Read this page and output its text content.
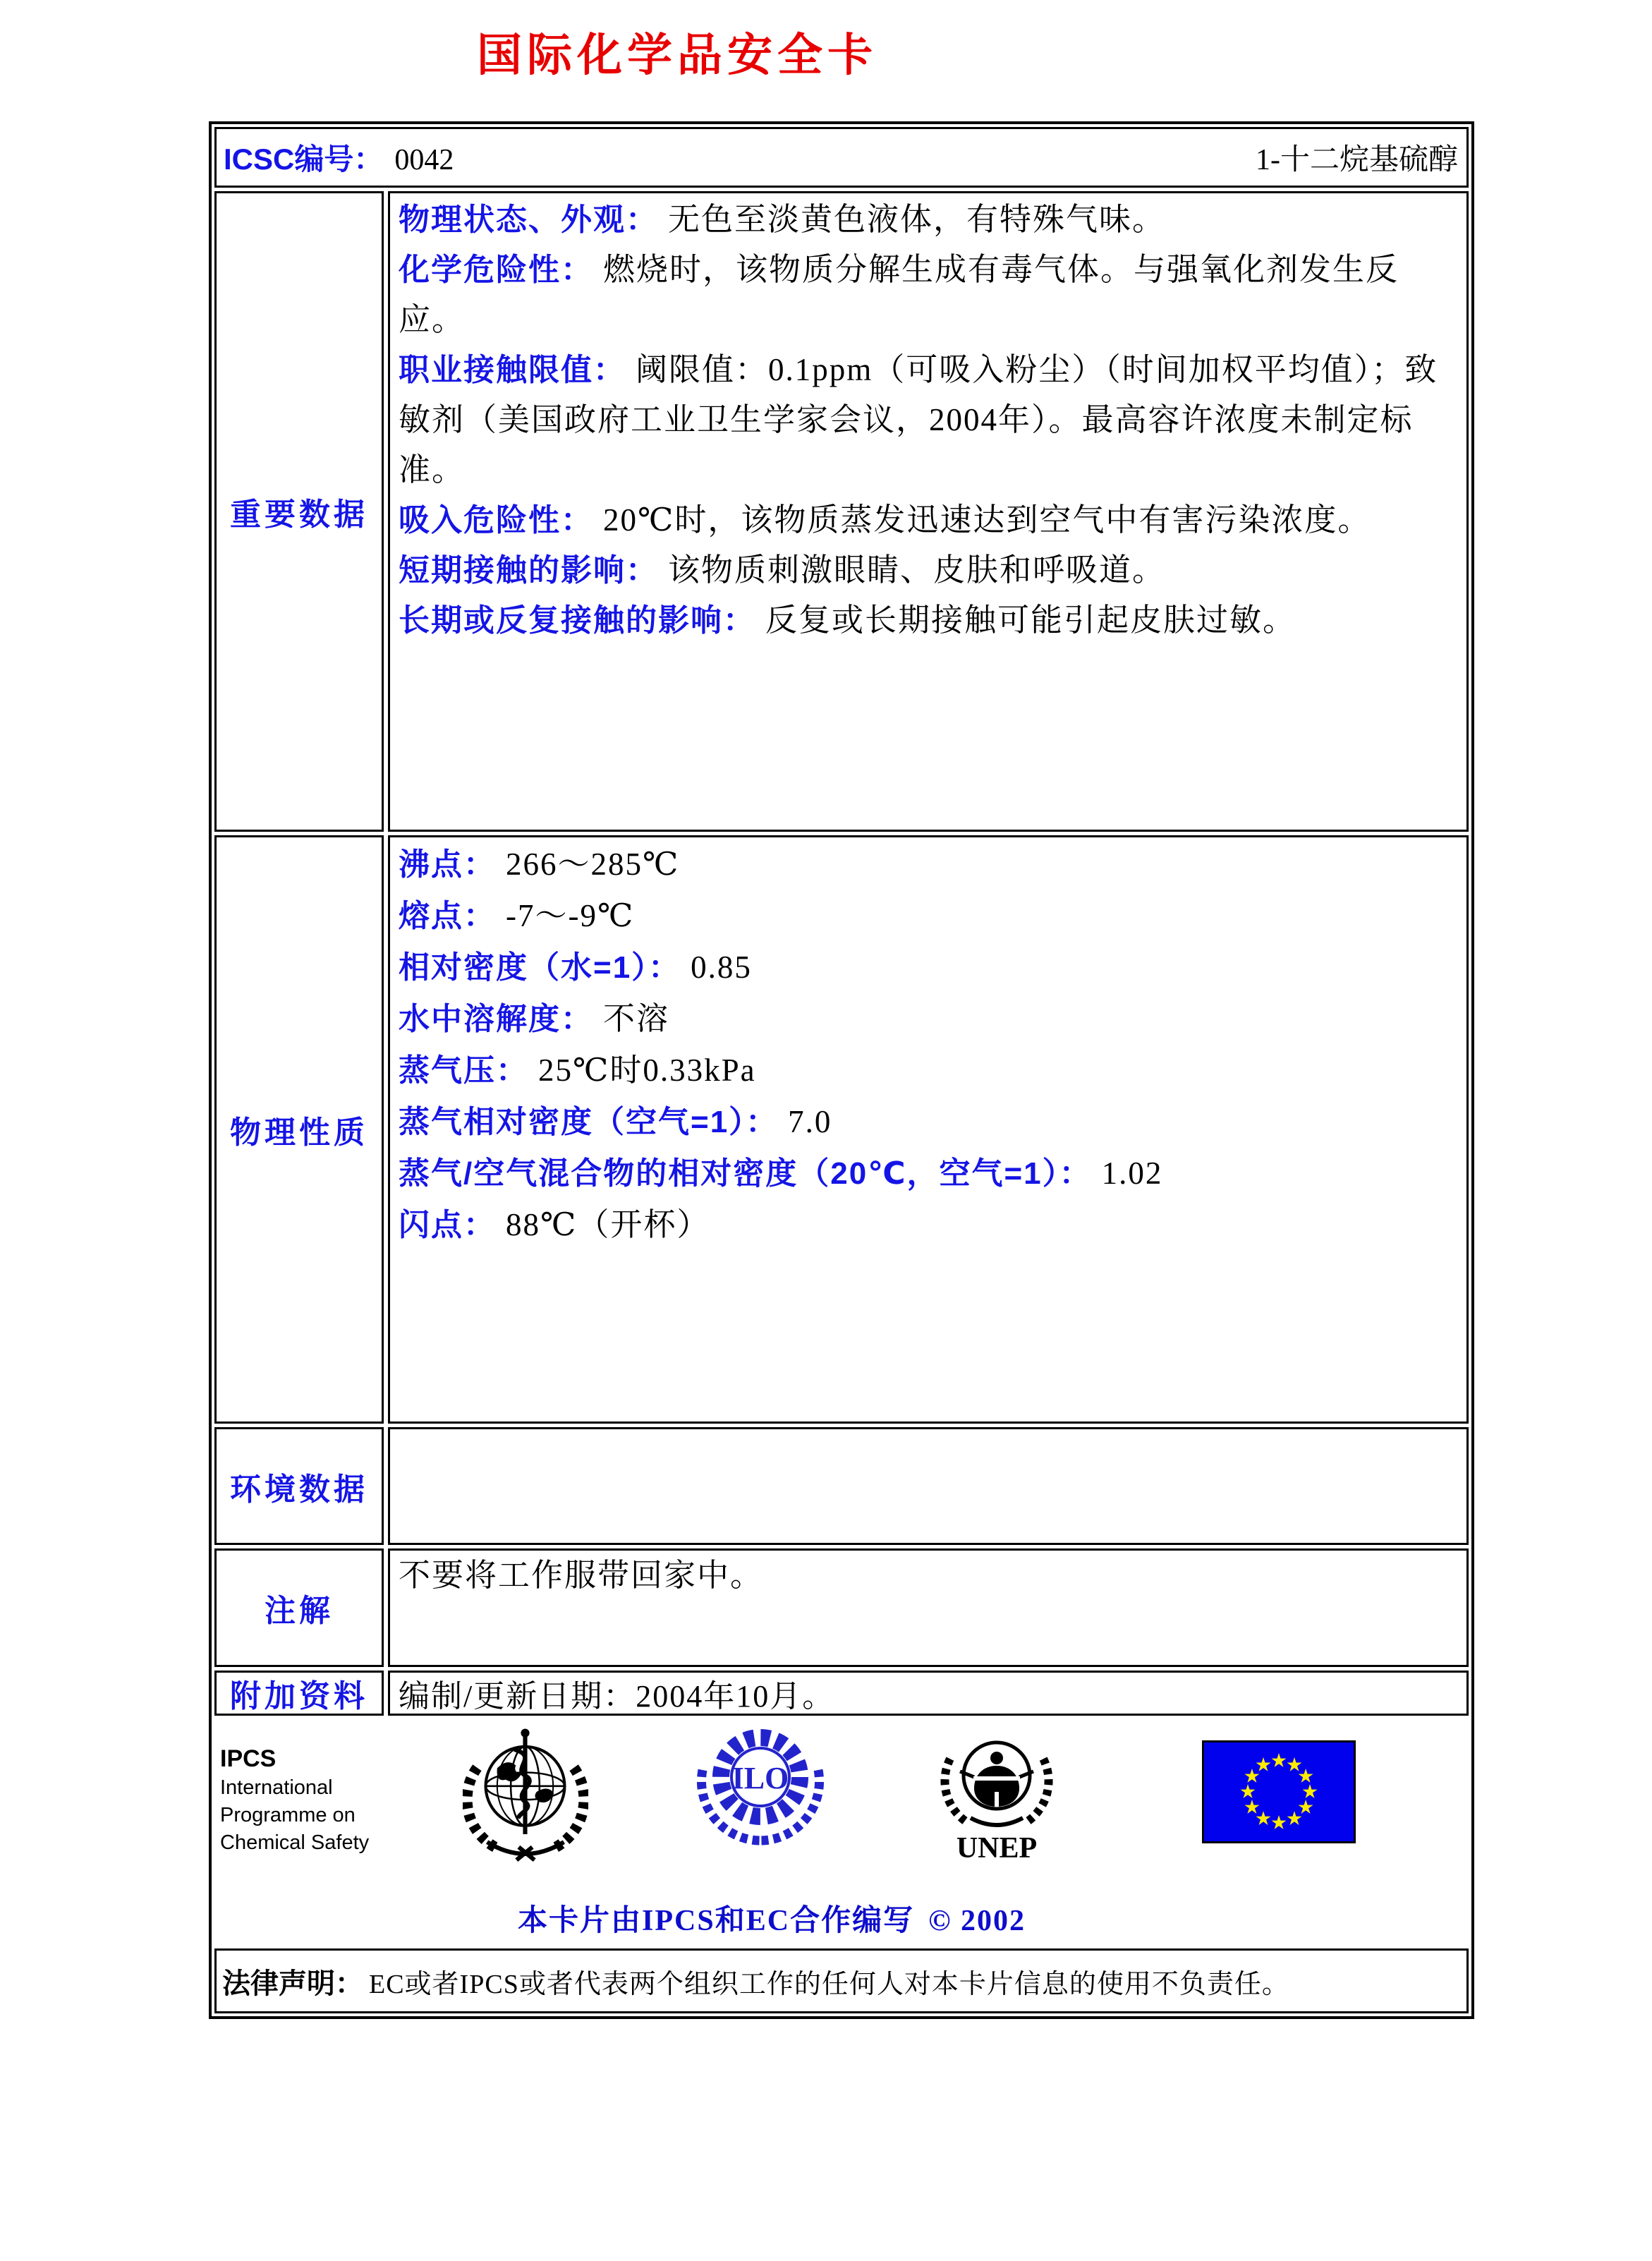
国际化学品安全卡
ICSC编号： 0042	1-十二烷基硫醇
重要数据

物理状态、外观： 无色至淡黄色液体，有特殊气味。

化学危险性： 燃烧时，该物质分解生成有毒气体。与强氧化剂发生反应。

职业接触限值： 阈限值：0.1ppm（可吸入粉尘）（时间加权平均值）；致敏剂（美国政府工业卫生学家会议，2004年）。最高容许浓度未制定标准。

吸入危险性： 20℃时，该物质蒸发迅速达到空气中有害污染浓度。

短期接触的影响： 该物质刺激眼睛、皮肤和呼吸道。

长期或反复接触的影响： 反复或长期接触可能引起皮肤过敏。

物理性质

沸点： 266～285℃

熔点： -7～-9℃

相对密度（水=1）： 0.85

水中溶解度： 不溶

蒸气压： 25℃时0.33kPa

蒸气相对密度（空气=1）： 7.0

蒸气/空气混合物的相对密度（20℃，空气=1）： 1.02

闪点： 88℃（开杯）

环境数据
注解
不要将工作服带回家中。
附加资料 编制/更新日期：2004年10月。
IPCS
International
Programme on
Chemical Safety
ILO
UNEP
本卡片由IPCS和EC合作编写 © 2002
法律声明： EC或者IPCS或者代表两个组织工作的任何人对本卡片信息的使用不负责任。
